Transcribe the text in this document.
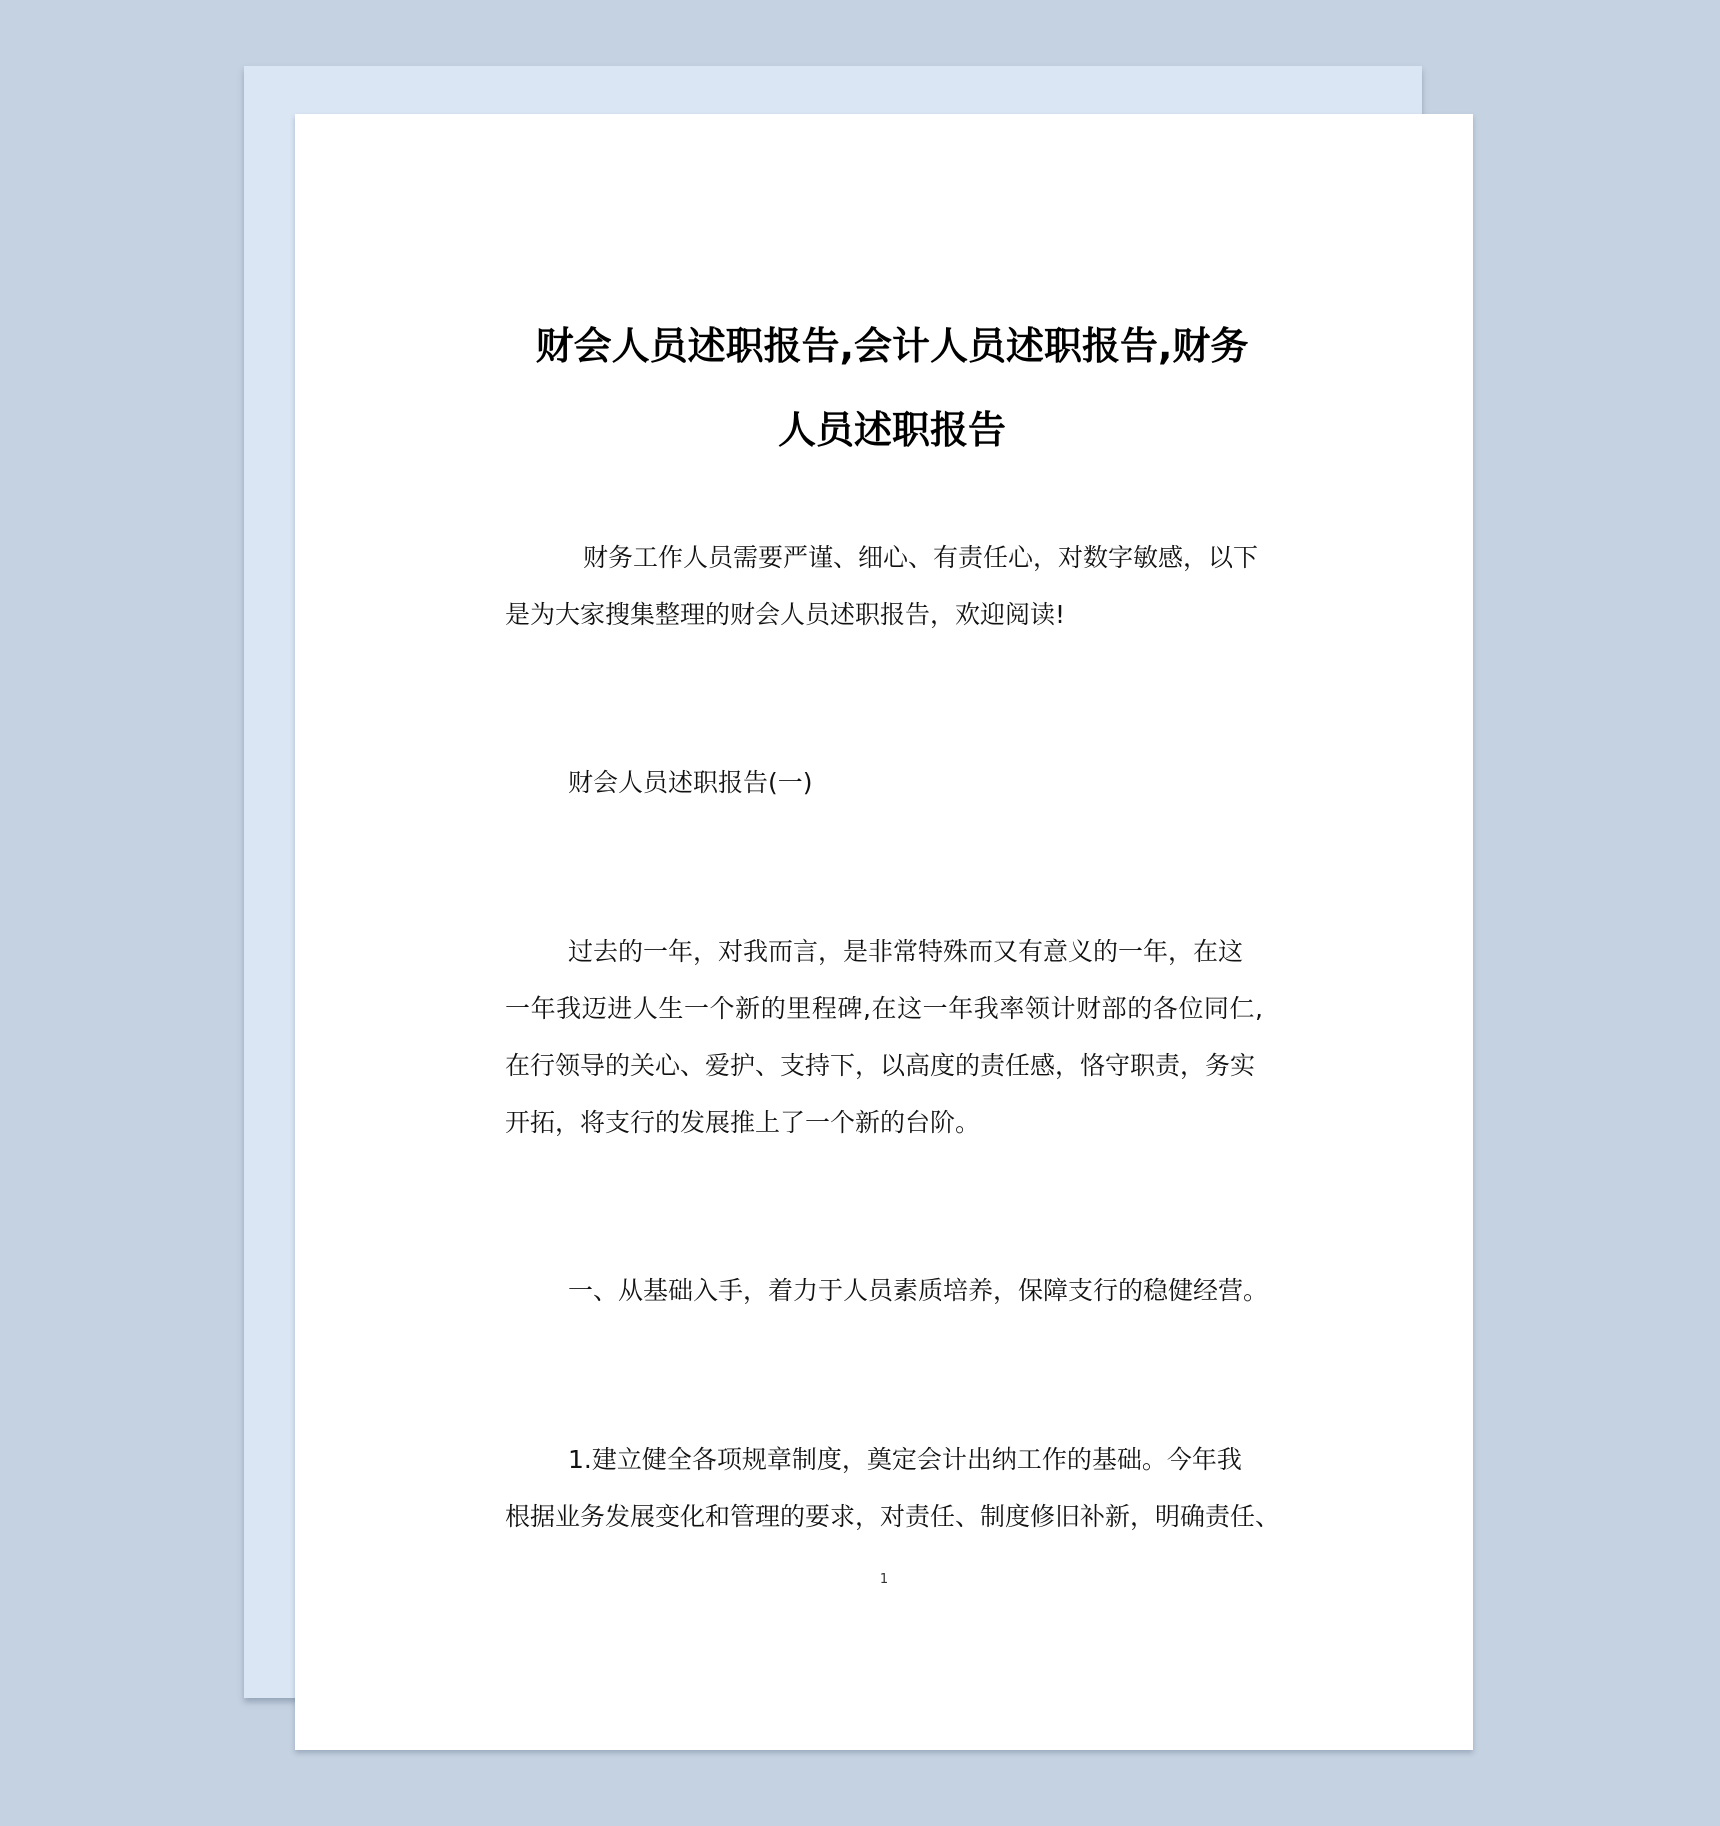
财会人员述职报告,会计人员述职报告,财务
人员述职报告
财务工作人员需要严谨、细心、有责任心，对数字敏感，以下
是为大家搜集整理的财会人员述职报告，欢迎阅读!
财会人员述职报告(一)
过去的一年，对我而言，是非常特殊而又有意义的一年，在这
一年我迈进人生一个新的里程碑,在这一年我率领计财部的各位同仁,
在行领导的关心、爱护、支持下，以高度的责任感，恪守职责，务实
开拓，将支行的发展推上了一个新的台阶。
一、从基础入手，着力于人员素质培养，保障支行的稳健经营。
1.建立健全各项规章制度，奠定会计出纳工作的基础。今年我
根据业务发展变化和管理的要求，对责任、制度修旧补新，明确责任、

1
